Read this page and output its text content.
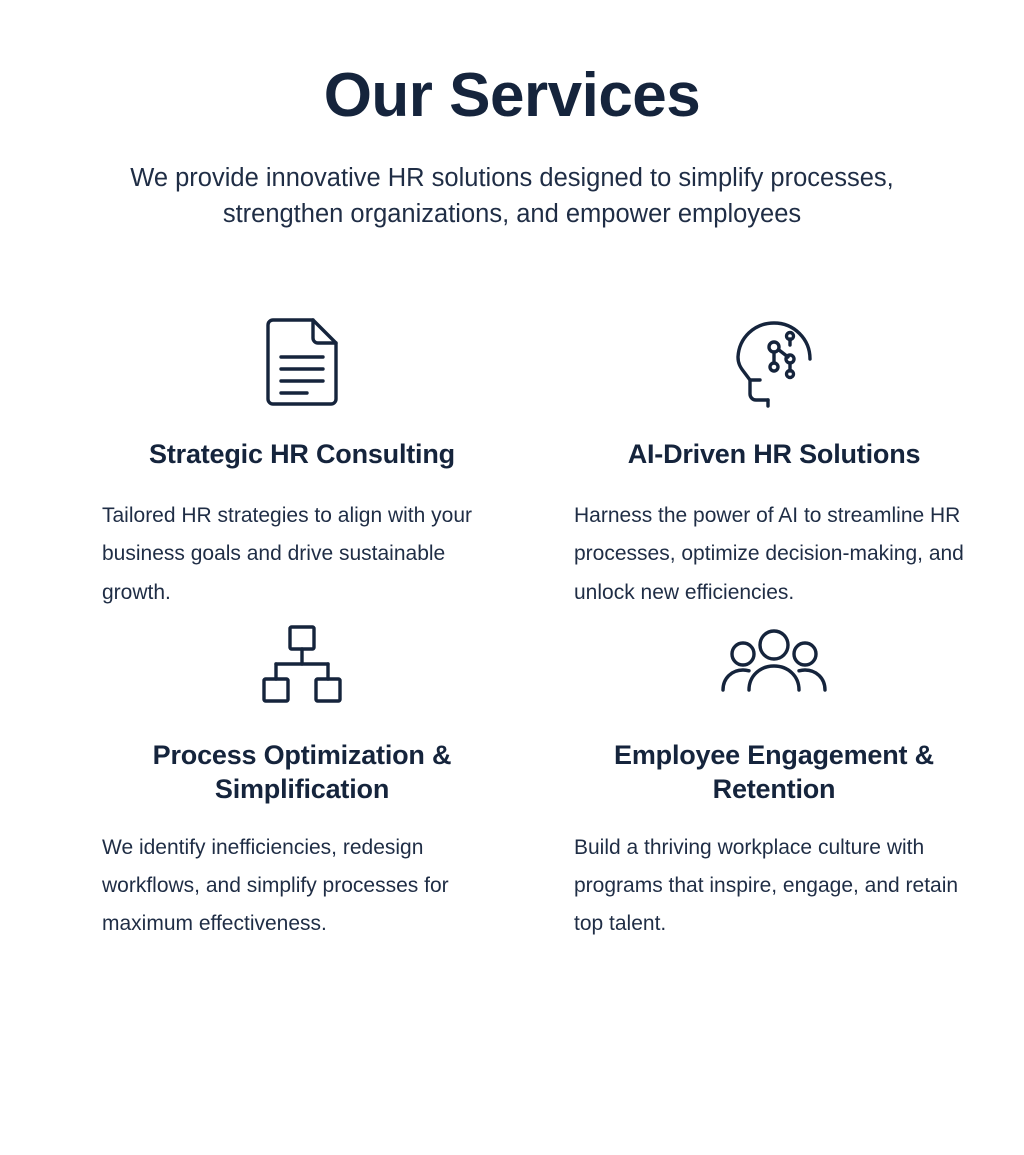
Our Services

We provide innovative HR solutions designed to simplify processes, strengthen organizations, and empower employees

Strategic HR Consulting
Tailored HR strategies to align with your business goals and drive sustainable growth.
AI-Driven HR Solutions
Harness the power of AI to streamline HR processes, optimize decision-making, and unlock new efficiencies.
Process Optimization & Simplification
We identify inefficiencies, redesign workflows, and simplify processes for maximum effectiveness.
Employee Engagement & Retention
Build a thriving workplace culture with programs that inspire, engage, and retain top talent.
